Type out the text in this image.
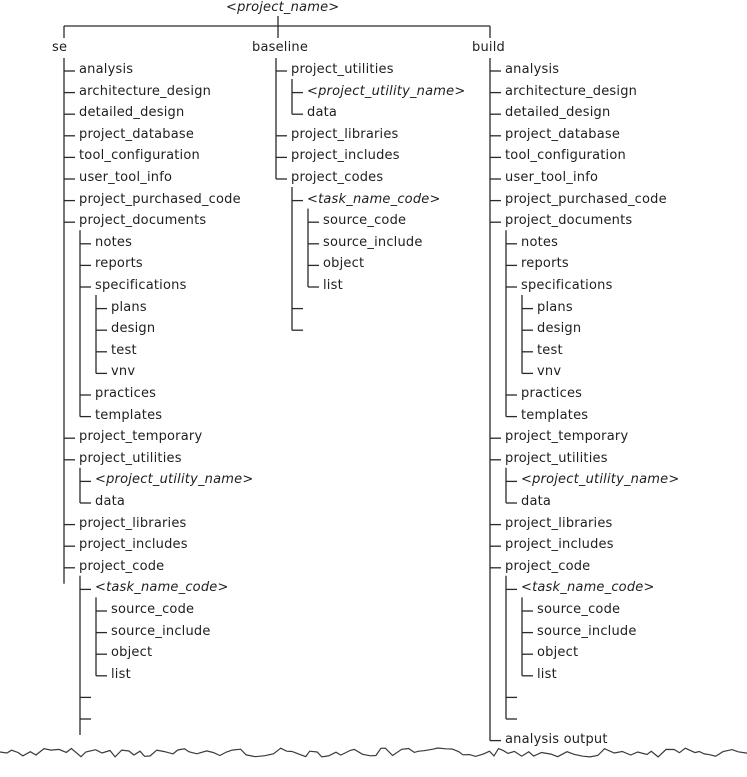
<project_name>
se	baseline	build
analysis
architecture_design
detailed_design
project_database
tool_configuration
user_tool_info
project_purchased_code
project_documents
notes
reports
specifications
plans
design
test
vnv
practices
templates
project_temporary
project_utilities
<project_utility_name>
data
project_libraries
project_includes
project_code
<task_name_code>
source_code
source_include
object
list
project_utilities
<project_utility_name>
data
project_libraries
project_includes
project_codes
<task_name_code>
source_code
source_include
object
list
analysis
architecture_design
detailed_design
project_database
tool_configuration
user_tool_info
project_purchased_code
project_documents
notes
reports
specifications
plans
design
test
vnv
practices
templates
project_temporary
project_utilities
<project_utility_name>
data
project_libraries
project_includes
project_code
<task_name_code>
source_code
source_include
object
list
analysis output
